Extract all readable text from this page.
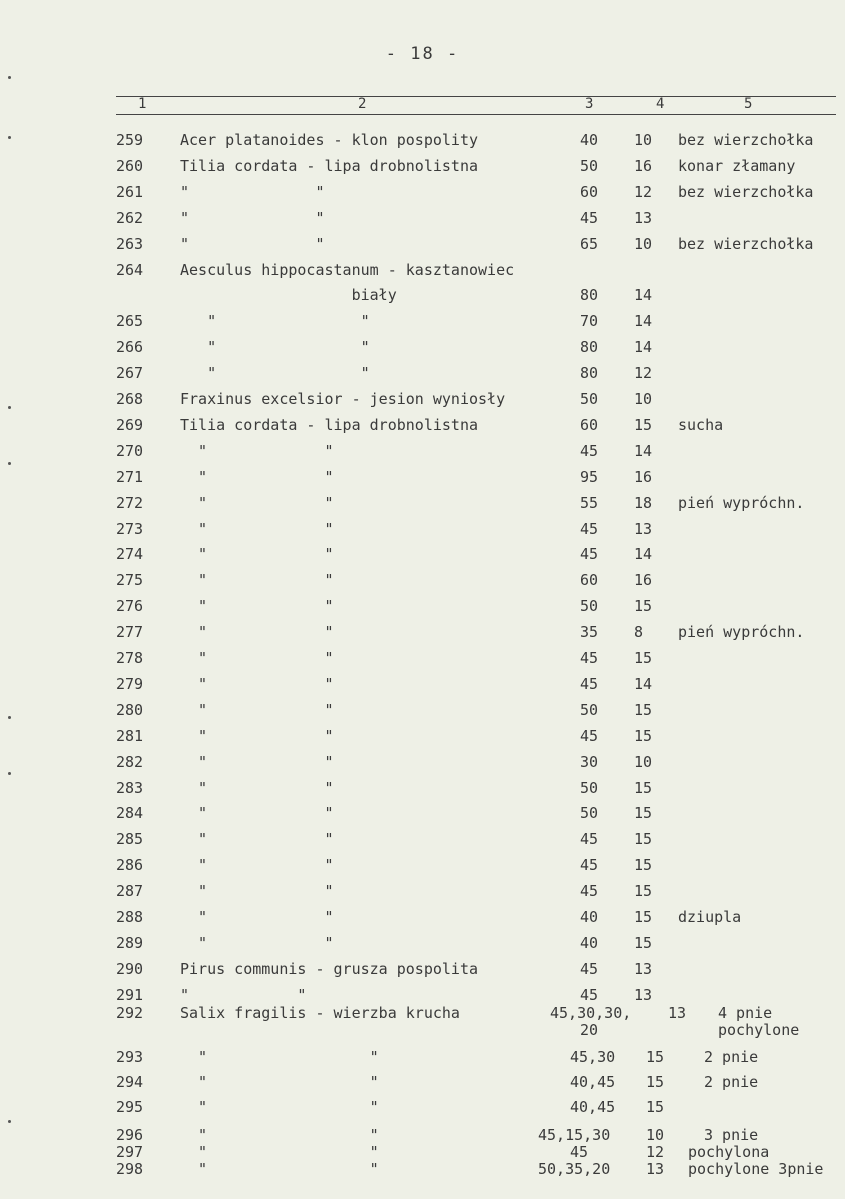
- 18 -
1	2	3	4	5
259 Acer platanoides - klon pospolity	40 10 bez wierzchołka
260 Tilia cordata - lipa drobnolistna	50 16 konar złamany
261 "              "	60 12 bez wierzchołka
262 "              "	45 13
263 "              "	65 10 bez wierzchołka
264 Aesculus hippocastanum - kasztanowiec
biały	80 14
265 "                "	70 14
266 "                "	80 14
267 "                "	80 12
268 Fraxinus excelsior - jesion wyniosły	50 10
269 Tilia cordata - lipa drobnolistna	60 15 sucha
270 "             "	45 14
271 "             "	95 16
272 "             "	55 18 pień wypróchn.
273 "             "	45 13
274 "             "	45 14
275 "             "	60 16
276 "             "	50 15
277 "             "	35 8 pień wypróchn.
278 "             "	45 15
279 "             "	45 14
280 "             "	50 15
281 "             "	45 15
282 "             "	30 10
283 "             "	50 15
284 "             "	50 15
285 "             "	45 15
286 "             "	45 15
287 "             "	45 15
288 "             "	40 15 dziupla
289 "             "	40 15
290 Pirus communis - grusza pospolita	45 13
291 "            "	45 13
292 Salix fragilis - wierzba krucha	45,30,30, 13 4 pnie
20	pochylone
293 "                  "	45,30 15	2 pnie
294 "                  "	40,45 15	2 pnie
295 "                  "	40,45 15
296 "                  "	45,15,30 10	3 pnie
297 "                  "	45	12 pochylona
298 "                  "	50,35,20 13 pochylone 3pnie
